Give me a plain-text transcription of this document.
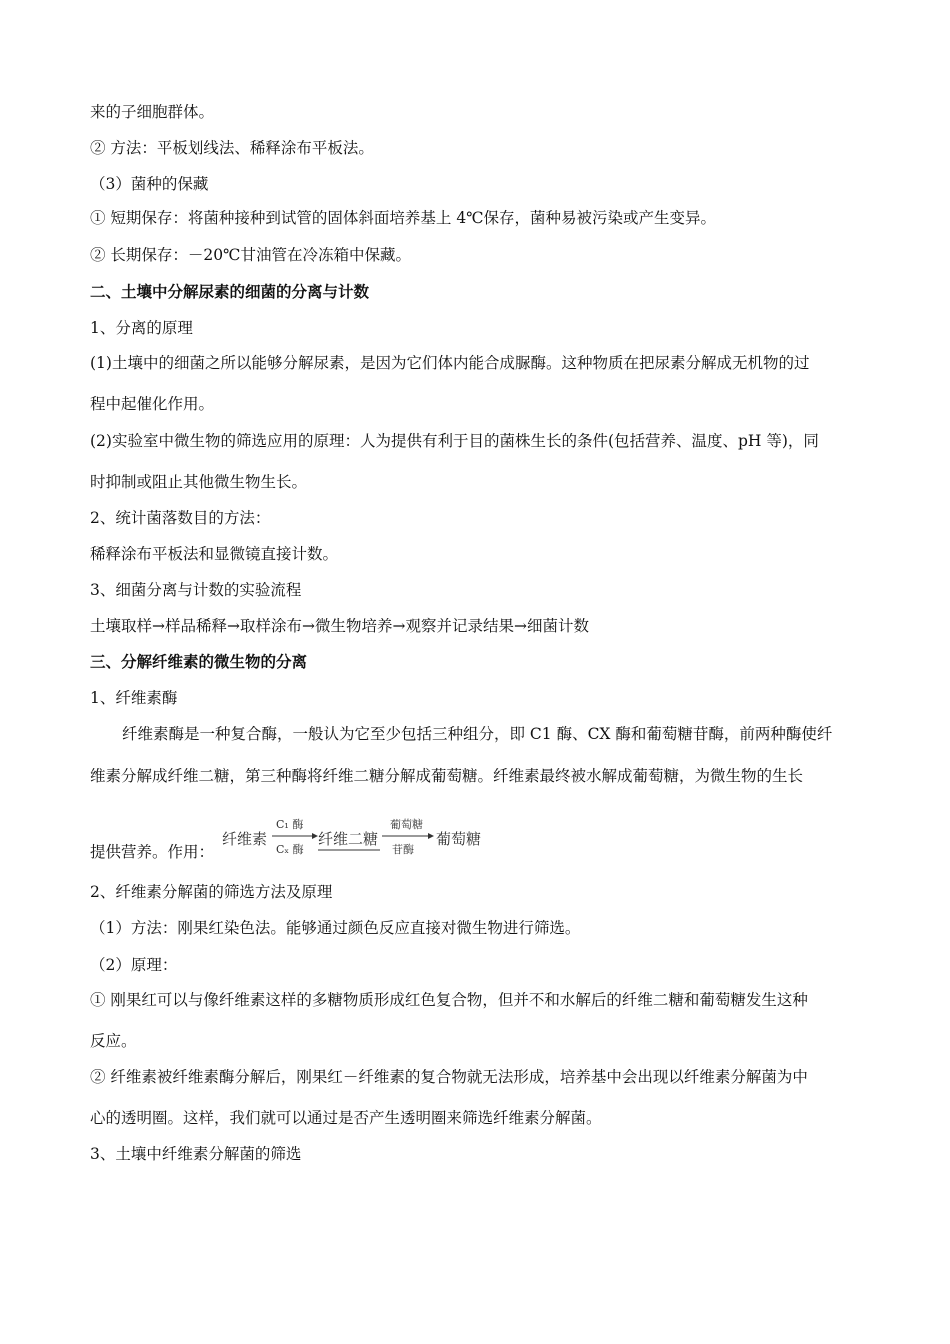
来的子细胞群体。
② 方法：平板划线法、稀释涂布平板法。
（3）菌种的保藏
① 短期保存：将菌种接种到试管的固体斜面培养基上 4℃保存，菌种易被污染或产生变异。
② 长期保存：－20℃甘油管在冷冻箱中保藏。
二、土壤中分解尿素的细菌的分离与计数
1、分离的原理
(1)土壤中的细菌之所以能够分解尿素，是因为它们体内能合成脲酶。这种物质在把尿素分解成无机物的过
程中起催化作用。
(2)实验室中微生物的筛选应用的原理：人为提供有利于目的菌株生长的条件(包括营养、温度、pH 等)，同
时抑制或阻止其他微生物生长。
2、统计菌落数目的方法：
稀释涂布平板法和显微镜直接计数。
3、细菌分离与计数的实验流程
土壤取样→样品稀释→取样涂布→微生物培养→观察并记录结果→细菌计数
三、分解纤维素的微生物的分离
1、纤维素酶
纤维素酶是一种复合酶，一般认为它至少包括三种组分，即 C1 酶、CX 酶和葡萄糖苷酶，前两种酶使纤
维素分解成纤维二糖，第三种酶将纤维二糖分解成葡萄糖。纤维素最终被水解成葡萄糖，为微生物的生长
提供营养。作用：
纤维素
C₁ 酶
Cₓ 酶
纤维二糖
葡萄糖
苷酶
葡萄糖
2、纤维素分解菌的筛选方法及原理
（1）方法：刚果红染色法。能够通过颜色反应直接对微生物进行筛选。
（2）原理：
① 刚果红可以与像纤维素这样的多糖物质形成红色复合物，但并不和水解后的纤维二糖和葡萄糖发生这种
反应。
② 纤维素被纤维素酶分解后，刚果红－纤维素的复合物就无法形成，培养基中会出现以纤维素分解菌为中
心的透明圈。这样，我们就可以通过是否产生透明圈来筛选纤维素分解菌。
3、土壤中纤维素分解菌的筛选
